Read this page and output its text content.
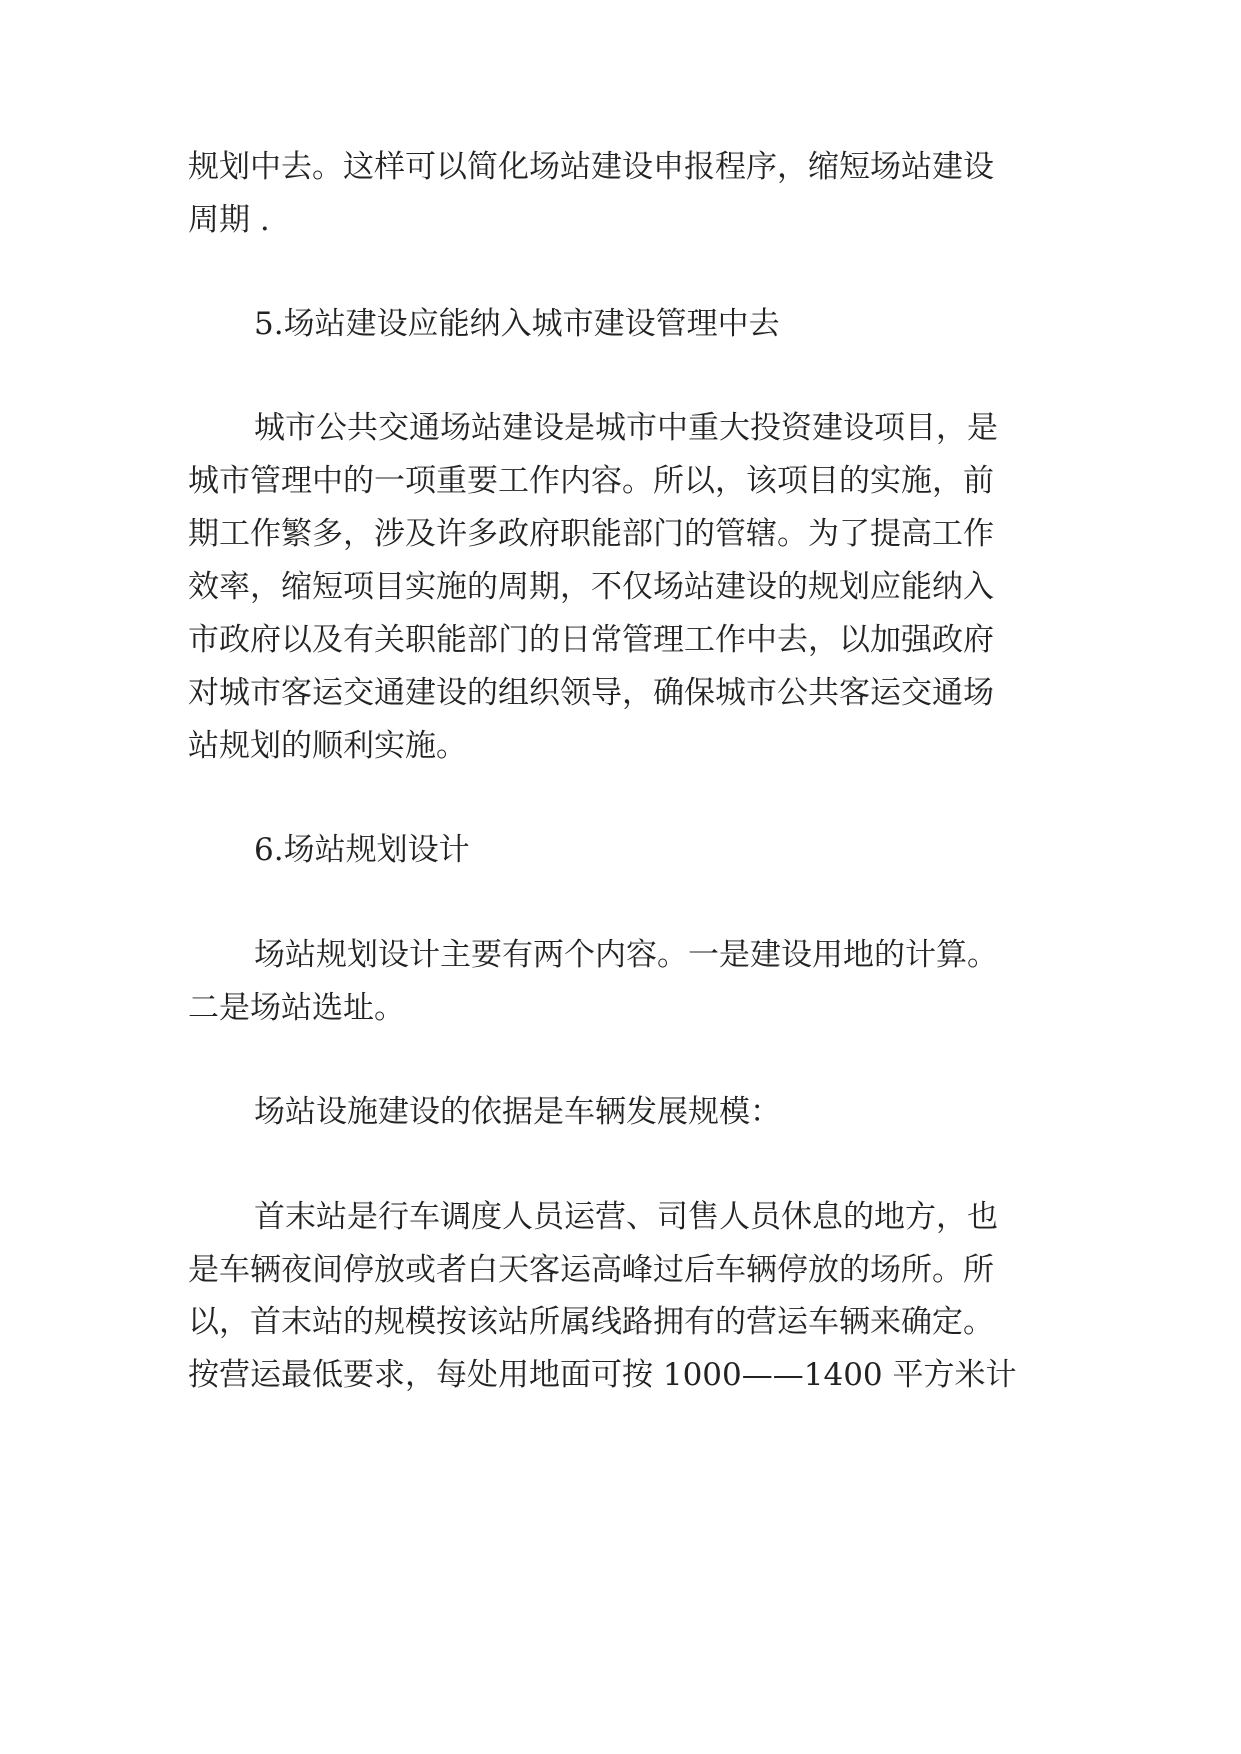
规划中去。这样可以简化场站建设申报程序，缩短场站建设

周期 .

5.场站建设应能纳入城市建设管理中去

城市公共交通场站建设是城市中重大投资建设项目，是

城市管理中的一项重要工作内容。所以，该项目的实施，前

期工作繁多，涉及许多政府职能部门的管辖。为了提高工作

效率，缩短项目实施的周期，不仅场站建设的规划应能纳入

市政府以及有关职能部门的日常管理工作中去，以加强政府

对城市客运交通建设的组织领导，确保城市公共客运交通场

站规划的顺利实施。

6.场站规划设计

场站规划设计主要有两个内容。一是建设用地的计算。

二是场站选址。

场站设施建设的依据是车辆发展规模：

首末站是行车调度人员运营、司售人员休息的地方，也

是车辆夜间停放或者白天客运高峰过后车辆停放的场所。所

以，首末站的规模按该站所属线路拥有的营运车辆来确定。

按营运最低要求，每处用地面可按 1000——1400 平方米计
